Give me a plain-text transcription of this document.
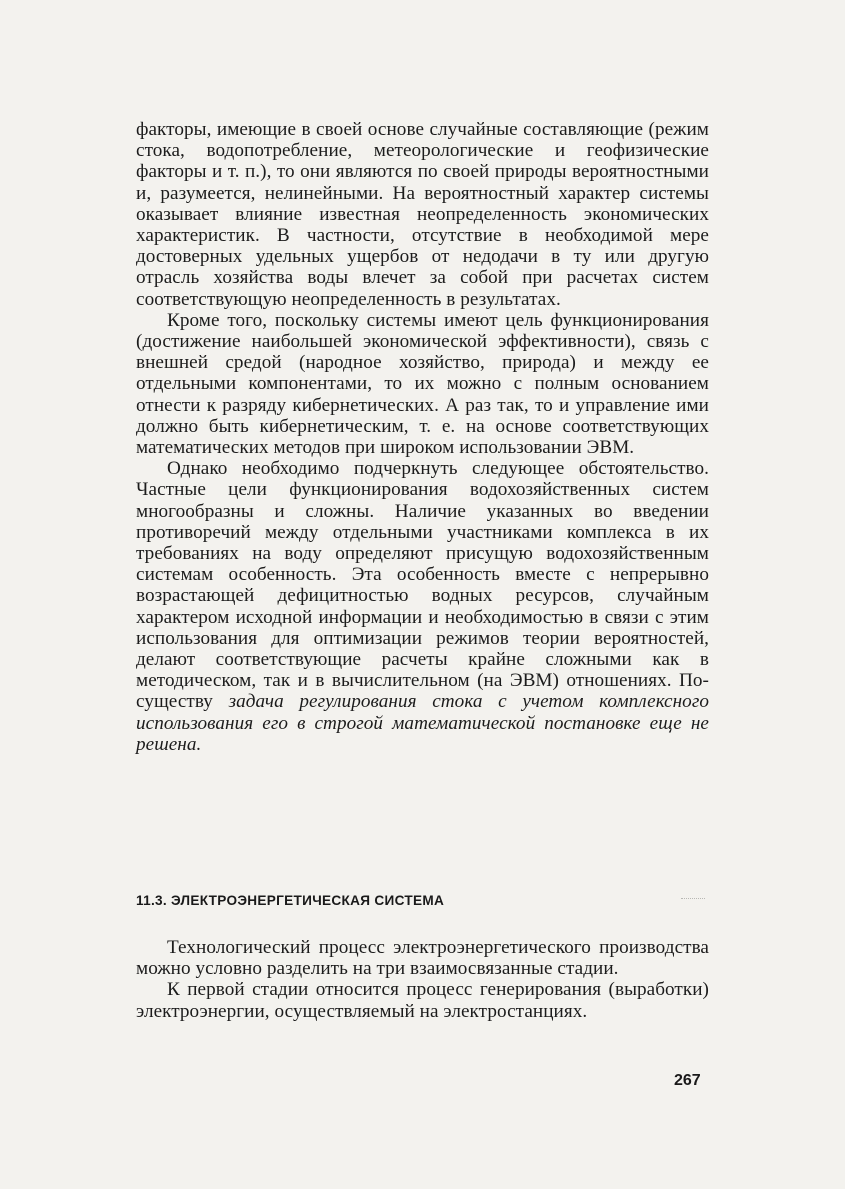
факторы, имеющие в своей основе случайные составляющие (режим стока, водопотребление, метеорологические и геофизические факторы и т. п.), то они являются по своей природы вероятностными и, разумеется, нелинейными. На вероятностный характер системы оказывает влияние известная неопределенность экономических характеристик. В частности, отсутствие в необходимой мере достоверных удельных ущербов от недодачи в ту или другую отрасль хозяйства воды влечет за собой при расчетах систем соответствующую неопределенность в результатах.

Кроме того, поскольку системы имеют цель функционирования (достижение наибольшей экономической эффективности), связь с внешней средой (народное хозяйство, природа) и между ее отдельными компонентами, то их можно с полным основанием отнести к разряду кибернетических. А раз так, то и управление ими должно быть кибернетическим, т. е. на основе соответствующих математических методов при широком использовании ЭВМ.

Однако необходимо подчеркнуть следующее обстоятельство. Частные цели функционирования водохозяйственных систем многообразны и сложны. Наличие указанных во введении противоречий между отдельными участниками комплекса в их требованиях на воду определяют присущую водохозяйственным системам особенность. Эта особенность вместе с непрерывно возрастающей дефицитностью водных ресурсов, случайным характером исходной информации и необходимостью в связи с этим использования для оптимизации режимов теории вероятностей, делают соответствующие расчеты крайне сложными как в методическом, так и в вычислительном (на ЭВМ) отношениях. По-существу задача регулирования стока с учетом комплексного использования его в строгой математической постановке еще не решена.

11.3. ЭЛЕКТРОЭНЕРГЕТИЧЕСКАЯ СИСТЕМА

Технологический процесс электроэнергетического производства можно условно разделить на три взаимосвязанные стадии.

К первой стадии относится процесс генерирования (выработки) электроэнергии, осуществляемый на электростанциях.

267
